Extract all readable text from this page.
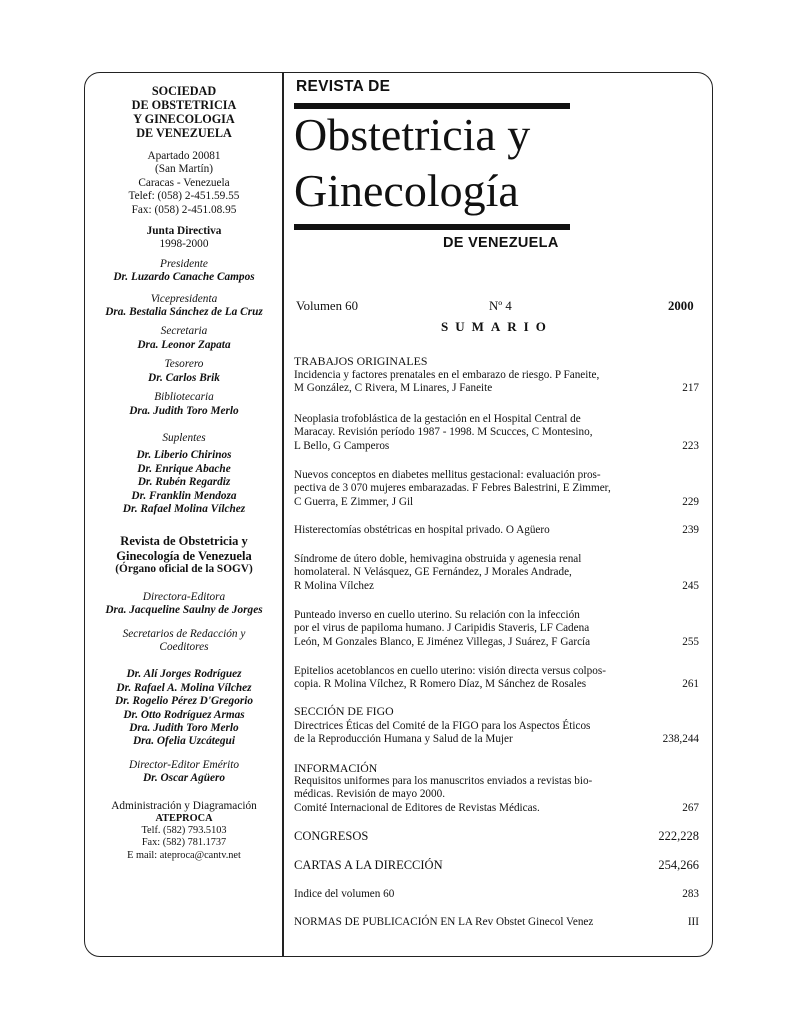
SOCIEDAD
DE OBSTETRICIA
Y GINECOLOGIA
DE VENEZUELA
Apartado 20081
(San Martín)
Caracas - Venezuela
Telef: (058) 2-451.59.55
Fax: (058) 2-451.08.95
Junta Directiva
1998-2000
Presidente
Dr. Luzardo Canache Campos
Vicepresidenta
Dra. Bestalia Sánchez de La Cruz
Secretaria
Dra. Leonor Zapata
Tesorero
Dr. Carlos Brik
Bibliotecaria
Dra. Judith Toro Merlo
Suplentes
Dr. Liberio Chirinos
Dr. Enrique Abache
Dr. Rubén Regardiz
Dr. Franklin Mendoza
Dr. Rafael Molina Vílchez
Revista de Obstetricia y
Ginecología de Venezuela
(Órgano oficial de la SOGV)
Directora-Editora
Dra. Jacqueline Saulny de Jorges
Secretarios de Redacción y
Coeditores
Dr. Alí Jorges Rodríguez
Dr. Rafael A. Molina Vílchez
Dr. Rogelio Pérez D'Gregorio
Dr. Otto Rodríguez Armas
Dra. Judith Toro Merlo
Dra. Ofelia Uzcátegui
Director-Editor Emérito
Dr. Oscar Agüero
Administración y Diagramación
ATEPROCA
Telf. (582) 793.5103
Fax: (582) 781.1737
E mail: ateproca@cantv.net
REVISTA DE
Obstetricia y
Ginecología
DE VENEZUELA
Volumen 60	Nº 4	2000
SUMARIO
TRABAJOS ORIGINALES
Incidencia y factores prenatales en el embarazo de riesgo. P Faneite,
M González, C Rivera, M Linares, J Faneite	217
Neoplasia trofoblástica de la gestación en el Hospital Central de
Maracay. Revisión período 1987 - 1998. M Scucces, C Montesino,
L Bello, G Camperos	223
Nuevos conceptos en diabetes mellitus gestacional: evaluación pros-
pectiva de 3 070 mujeres embarazadas. F Febres Balestrini, E Zimmer,
C Guerra, E Zimmer, J Gil	229
Histerectomías obstétricas en hospital privado. O Agüero	239
Síndrome de útero doble, hemivagina obstruida y agenesia renal
homolateral. N Velásquez, GE Fernández, J Morales Andrade,
R Molina Vílchez	245
Punteado inverso en cuello uterino. Su relación con la infección
por el virus de papiloma humano. J Caripidis Staveris, LF Cadena
León, M Gonzales Blanco, E Jiménez Villegas, J Suárez, F García	255
Epitelios acetoblancos en cuello uterino: visión directa versus colpos-
copia. R Molina Vílchez, R Romero Díaz, M Sánchez de Rosales	261
SECCIÓN DE FIGO
Directrices Éticas del Comité de la FIGO para los Aspectos Éticos
de la Reproducción Humana y Salud de la Mujer	238,244
INFORMACIÓN
Requisitos uniformes para los manuscritos enviados a revistas bio-
médicas. Revisión de mayo 2000.
Comité Internacional de Editores de Revistas Médicas.	267
CONGRESOS	222,228
CARTAS A LA DIRECCIÓN	254,266
Indice del volumen 60	283
NORMAS DE PUBLICACIÓN EN LA Rev Obstet Ginecol Venez	III
